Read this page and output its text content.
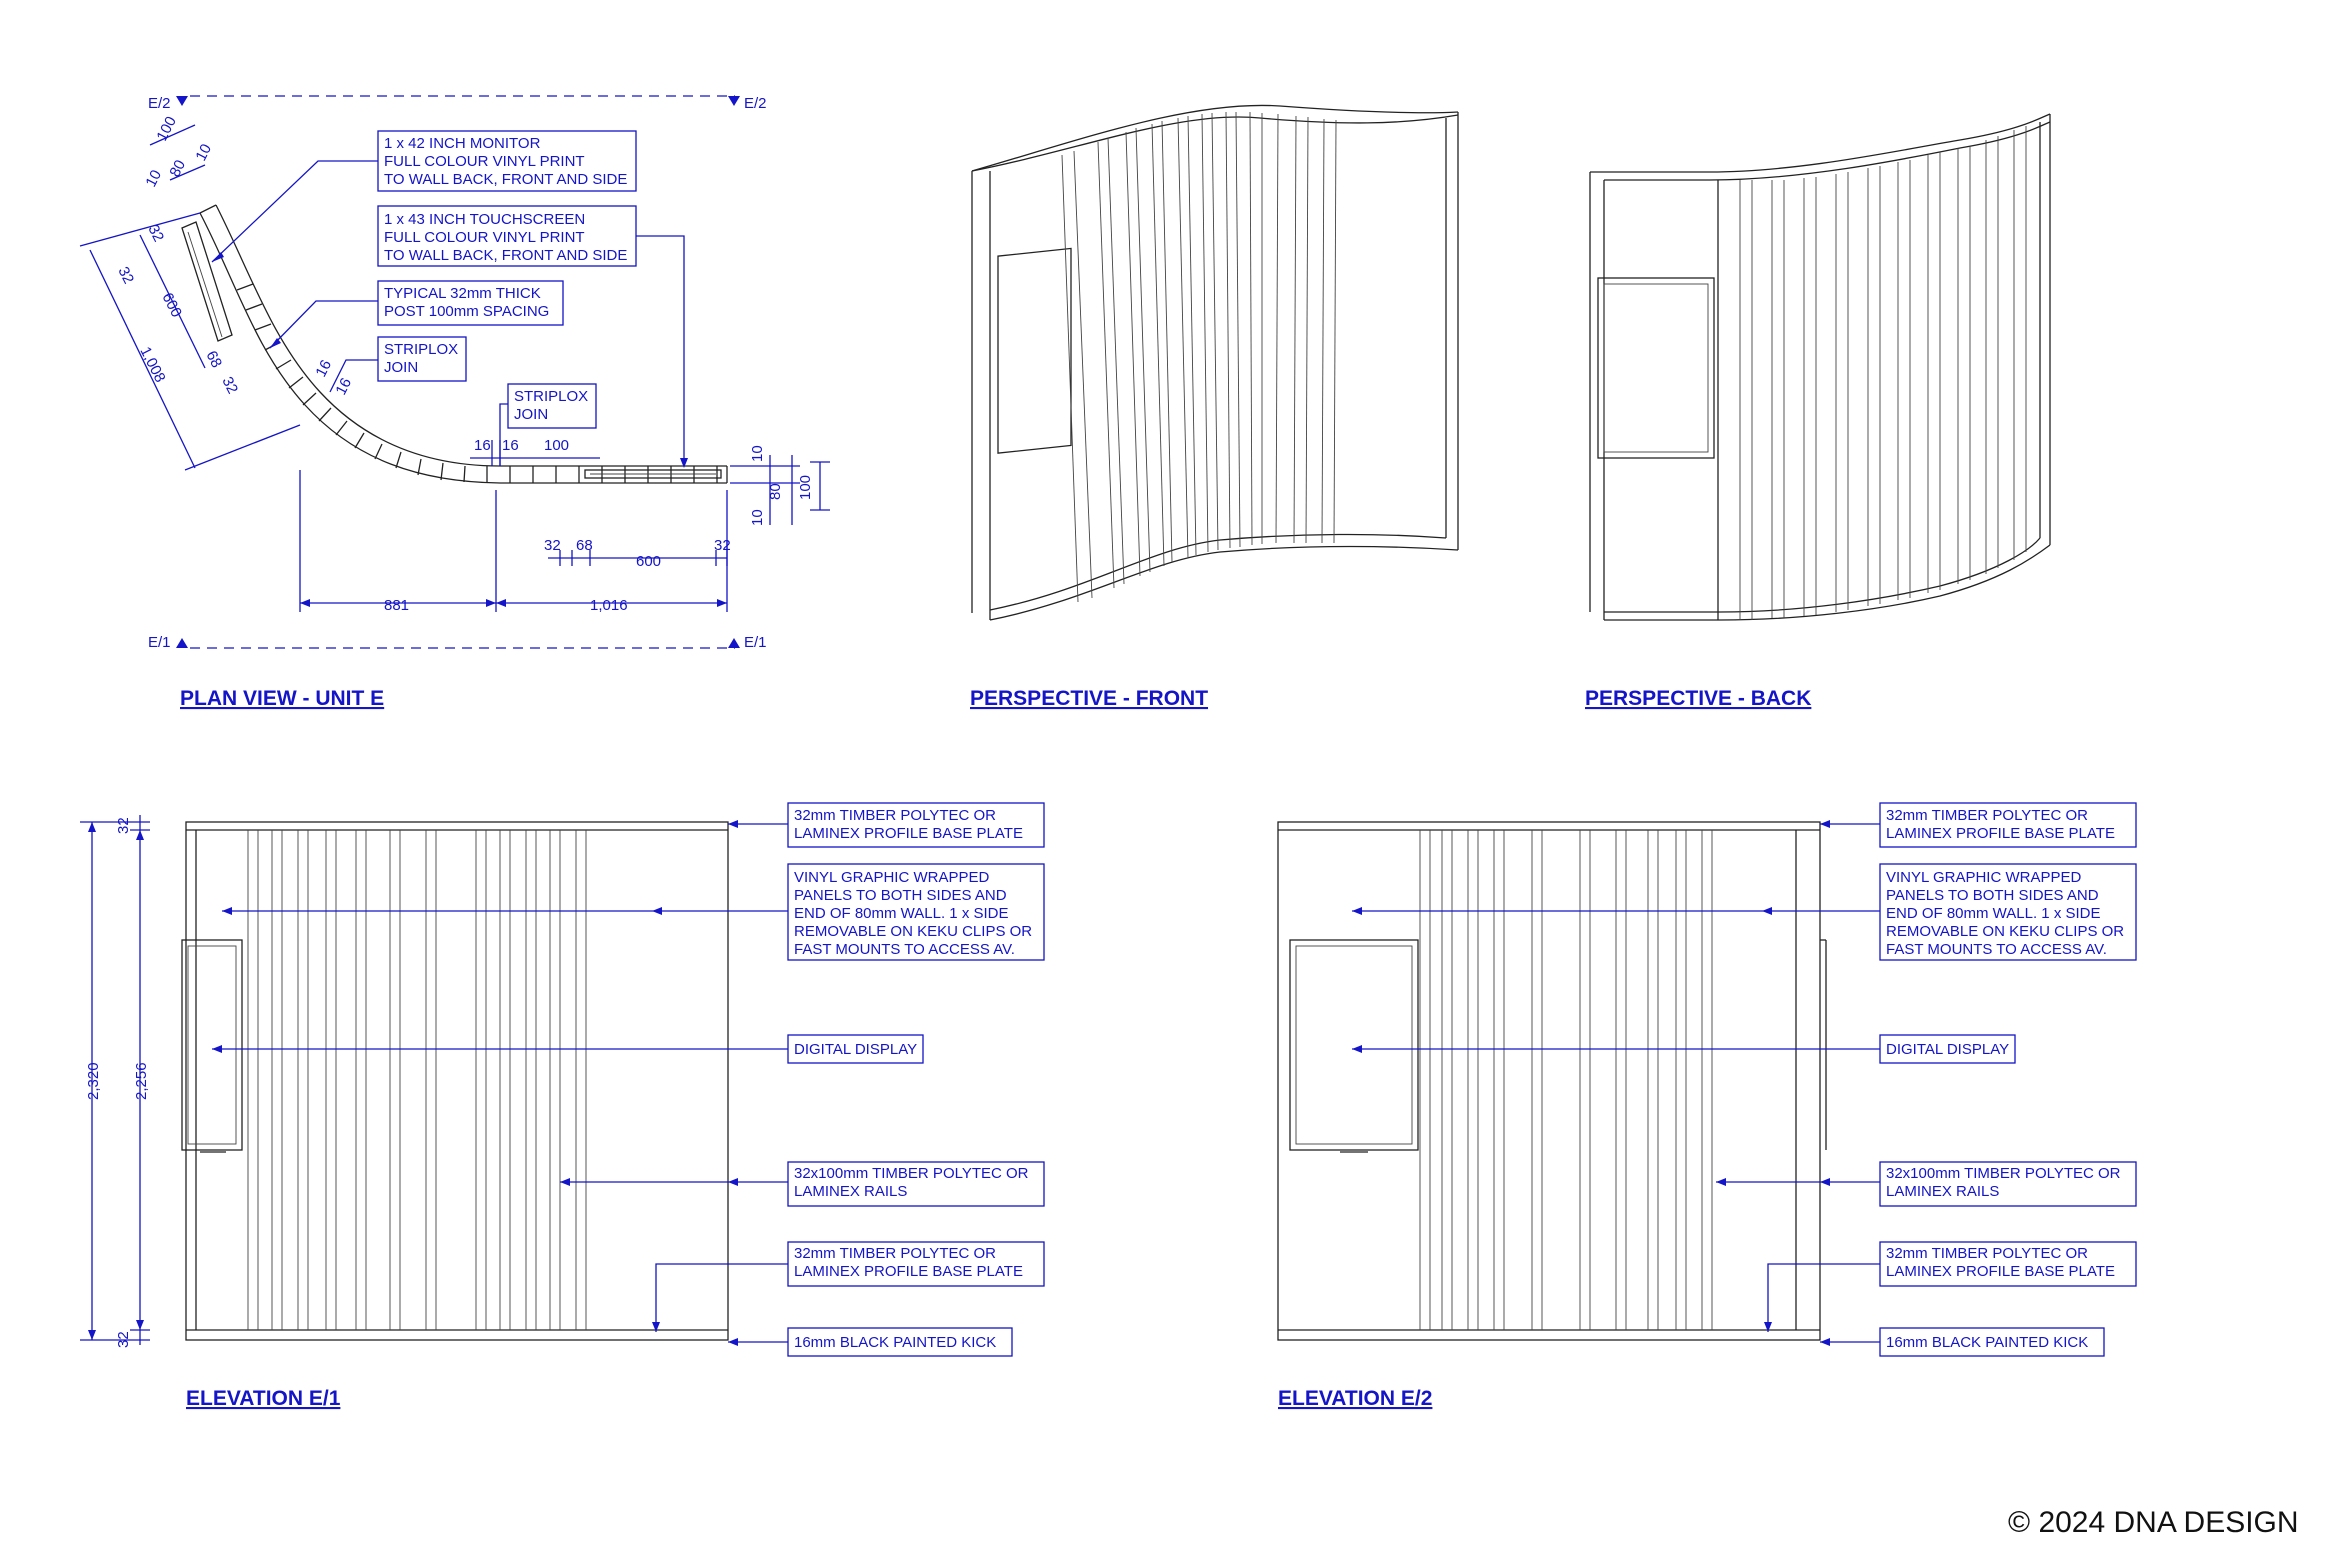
E/2	E/2
E/1	E/1
1 x 42 INCH MONITOR
FULL COLOUR VINYL PRINT
TO WALL BACK, FRONT AND SIDE
1 x 43 INCH TOUCHSCREEN
FULL COLOUR VINYL PRINT
TO WALL BACK, FRONT AND SIDE
TYPICAL 32mm THICK
POST 100mm SPACING
STRIPLOX
JOIN
STRIPLOX
JOIN
100
10 80
10
32
32
600
1,008 68
32
16
16
16 16 100	10
80
10
100
32 68
600
32
881	1,016
PLAN VIEW - UNIT E	PERSPECTIVE - FRONT	PERSPECTIVE - BACK
32
2,320 2,256
32
32mm TIMBER POLYTEC OR
LAMINEX PROFILE BASE PLATE
VINYL GRAPHIC WRAPPED
PANELS TO BOTH SIDES AND
END OF 80mm WALL. 1 x SIDE
REMOVABLE ON KEKU CLIPS OR
FAST MOUNTS TO ACCESS AV.
DIGITAL DISPLAY
32x100mm TIMBER POLYTEC OR
LAMINEX RAILS
32mm TIMBER POLYTEC OR
LAMINEX PROFILE BASE PLATE
16mm BLACK PAINTED KICK
ELEVATION E/1
32mm TIMBER POLYTEC OR
LAMINEX PROFILE BASE PLATE
VINYL GRAPHIC WRAPPED
PANELS TO BOTH SIDES AND
END OF 80mm WALL. 1 x SIDE
REMOVABLE ON KEKU CLIPS OR
FAST MOUNTS TO ACCESS AV.
DIGITAL DISPLAY
32x100mm TIMBER POLYTEC OR
LAMINEX RAILS
32mm TIMBER POLYTEC OR
LAMINEX PROFILE BASE PLATE
16mm BLACK PAINTED KICK
ELEVATION E/2
© 2024 DNA DESIGN
